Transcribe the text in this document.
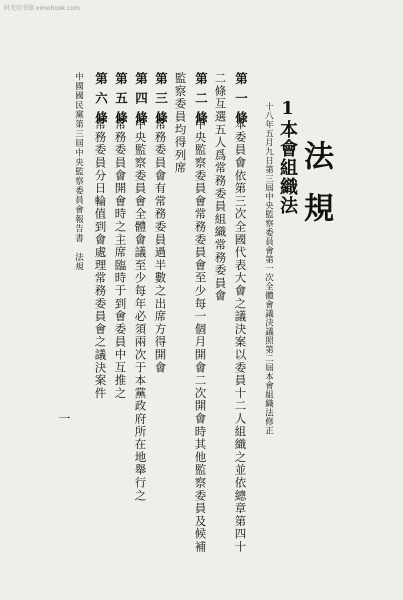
时光旧书馆 ximohook.com
法規
1本會組織法
十八年五月九日第三屆中央監察委員會第一次全體會議決議照第二屆本會組織法修正
第一條
本委員會依第三次全國代表大會之議決案以委員十二人組織之並依總章第四十
二條互選五人爲常務委員組織常務委員會
第二條
中央監察委員會常務委員會至少每一個月開會二次開會時其他監察委員及候補
監察委員均得列席
第三條
常務委員會有常務委員過半數之出席方得開會
第四條
中央監察委員會全體會議至少每年必須兩次于本黨政府所在地舉行之
第五條
常務委員會開會時之主席臨時于到會委員中互推之
第六條
常務委員分日輪值到會處理常務委員會之議決案件
中國國民黨第三屆中央監察委員會報告書　法規
一
